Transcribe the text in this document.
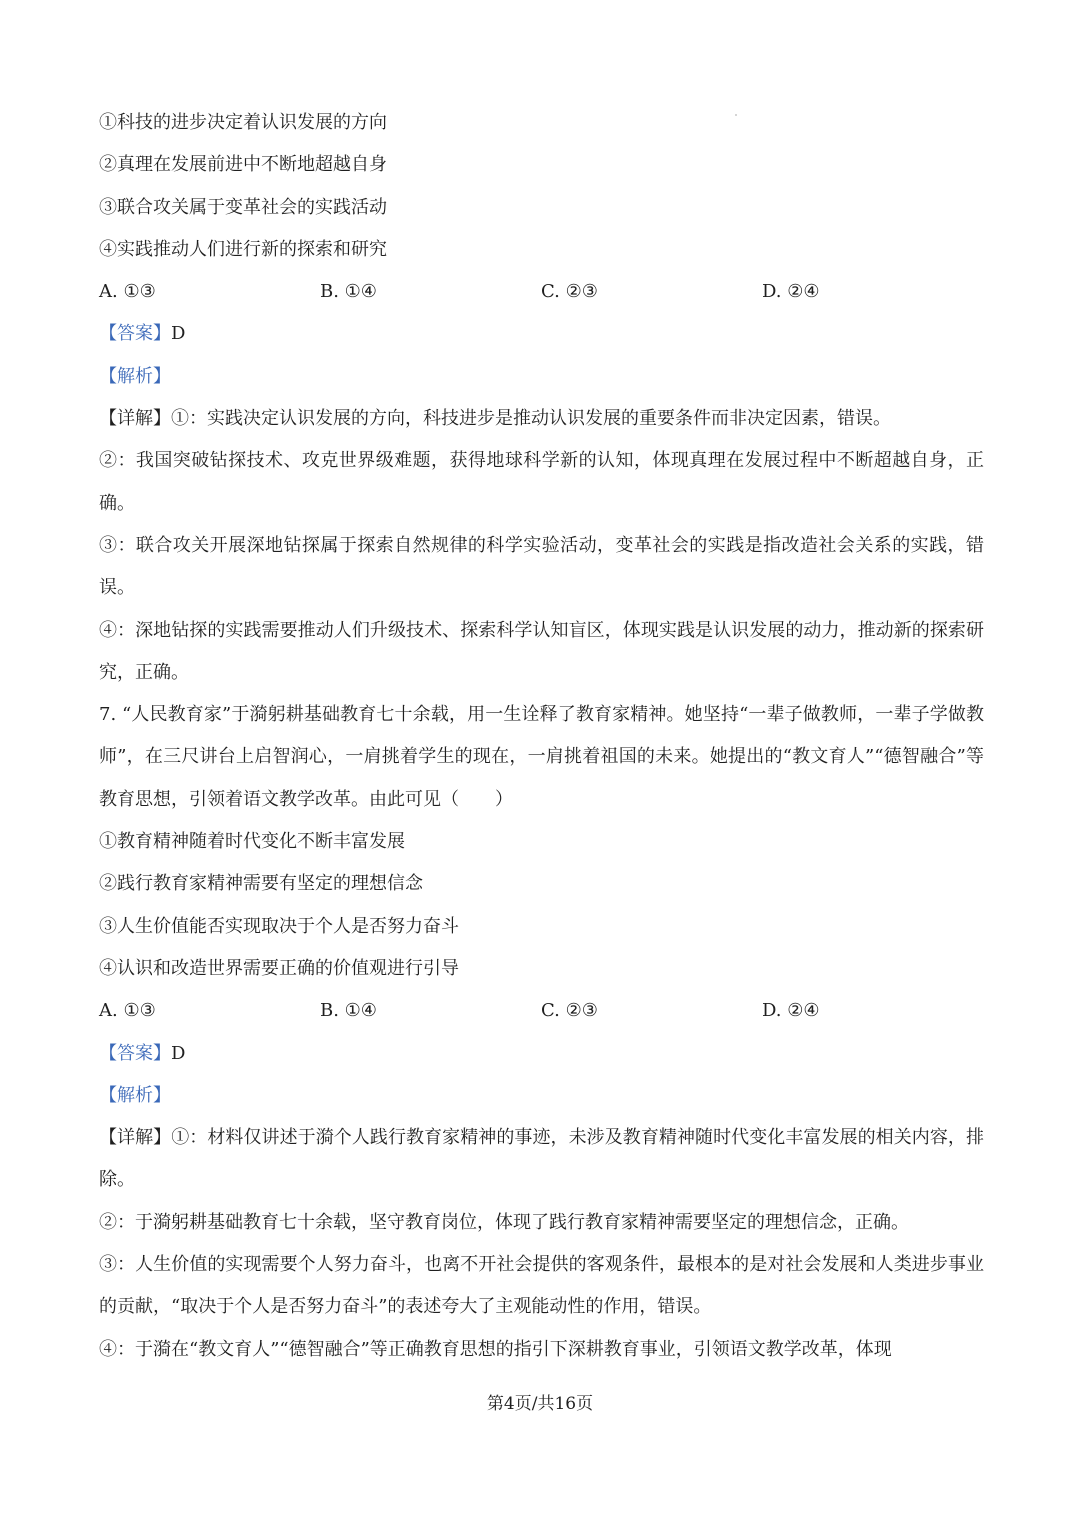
①科技的进步决定着认识发展的方向
②真理在发展前进中不断地超越自身
③联合攻关属于变革社会的实践活动
④实践推动人们进行新的探索和研究
A. ①③	B. ①④	C. ②③	D. ②④
【答案】D
【解析】
【详解】①：实践决定认识发展的方向，科技进步是推动认识发展的重要条件而非决定因素，错误。
②：我国突破钻探技术、攻克世界级难题，获得地球科学新的认知，体现真理在发展过程中不断超越自身，正确。
③：联合攻关开展深地钻探属于探索自然规律的科学实验活动，变革社会的实践是指改造社会关系的实践，错误。
④：深地钻探的实践需要推动人们升级技术、探索科学认知盲区，体现实践是认识发展的动力，推动新的探索研究，正确。
7. “人民教育家”于漪躬耕基础教育七十余载，用一生诠释了教育家精神。她坚持“一辈子做教师，一辈子学做教师”，在三尺讲台上启智润心，一肩挑着学生的现在，一肩挑着祖国的未来。她提出的“教文育人”“德智融合”等教育思想，引领着语文教学改革。由此可见（　　）
①教育精神随着时代变化不断丰富发展
②践行教育家精神需要有坚定的理想信念
③人生价值能否实现取决于个人是否努力奋斗
④认识和改造世界需要正确的价值观进行引导
A. ①③	B. ①④	C. ②③	D. ②④
【答案】D
【解析】
【详解】①：材料仅讲述于漪个人践行教育家精神的事迹，未涉及教育精神随时代变化丰富发展的相关内容，排除。
②：于漪躬耕基础教育七十余载，坚守教育岗位，体现了践行教育家精神需要坚定的理想信念，正确。
③：人生价值的实现需要个人努力奋斗，也离不开社会提供的客观条件，最根本的是对社会发展和人类进步事业的贡献，“取决于个人是否努力奋斗”的表述夸大了主观能动性的作用，错误。
④：于漪在“教文育人”“德智融合”等正确教育思想的指引下深耕教育事业，引领语文教学改革，体现
第4页/共16页
